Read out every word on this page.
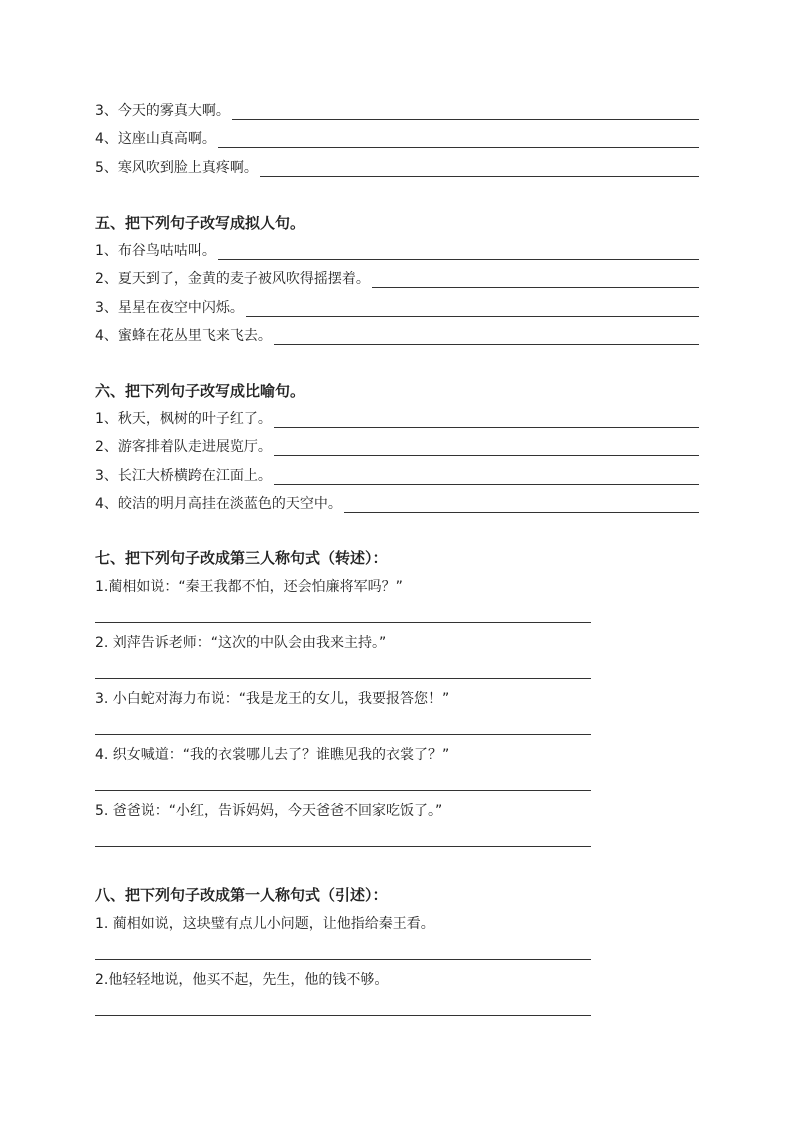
3、今天的雾真大啊。
4、这座山真高啊。
5、寒风吹到脸上真疼啊。
五、把下列句子改写成拟人句。
1、布谷鸟咕咕叫。
2、夏天到了，金黄的麦子被风吹得摇摆着。
3、星星在夜空中闪烁。
4、蜜蜂在花丛里飞来飞去。
六、把下列句子改写成比喻句。
1、秋天，枫树的叶子红了。
2、游客排着队走进展览厅。
3、长江大桥横跨在江面上。
4、皎洁的明月高挂在淡蓝色的天空中。
七、把下列句子改成第三人称句式（转述）：
1.蔺相如说：“秦王我都不怕，还会怕廉将军吗？”
2. 刘萍告诉老师：“这次的中队会由我来主持。”
3. 小白蛇对海力布说：“我是龙王的女儿，我要报答您！”
4. 织女喊道：“我的衣裳哪儿去了？谁瞧见我的衣裳了？”
5. 爸爸说：“小红，告诉妈妈，今天爸爸不回家吃饭了。”
八、把下列句子改成第一人称句式（引述）：
1. 蔺相如说，这块璧有点儿小问题，让他指给秦王看。
2.他轻轻地说，他买不起，先生，他的钱不够。
